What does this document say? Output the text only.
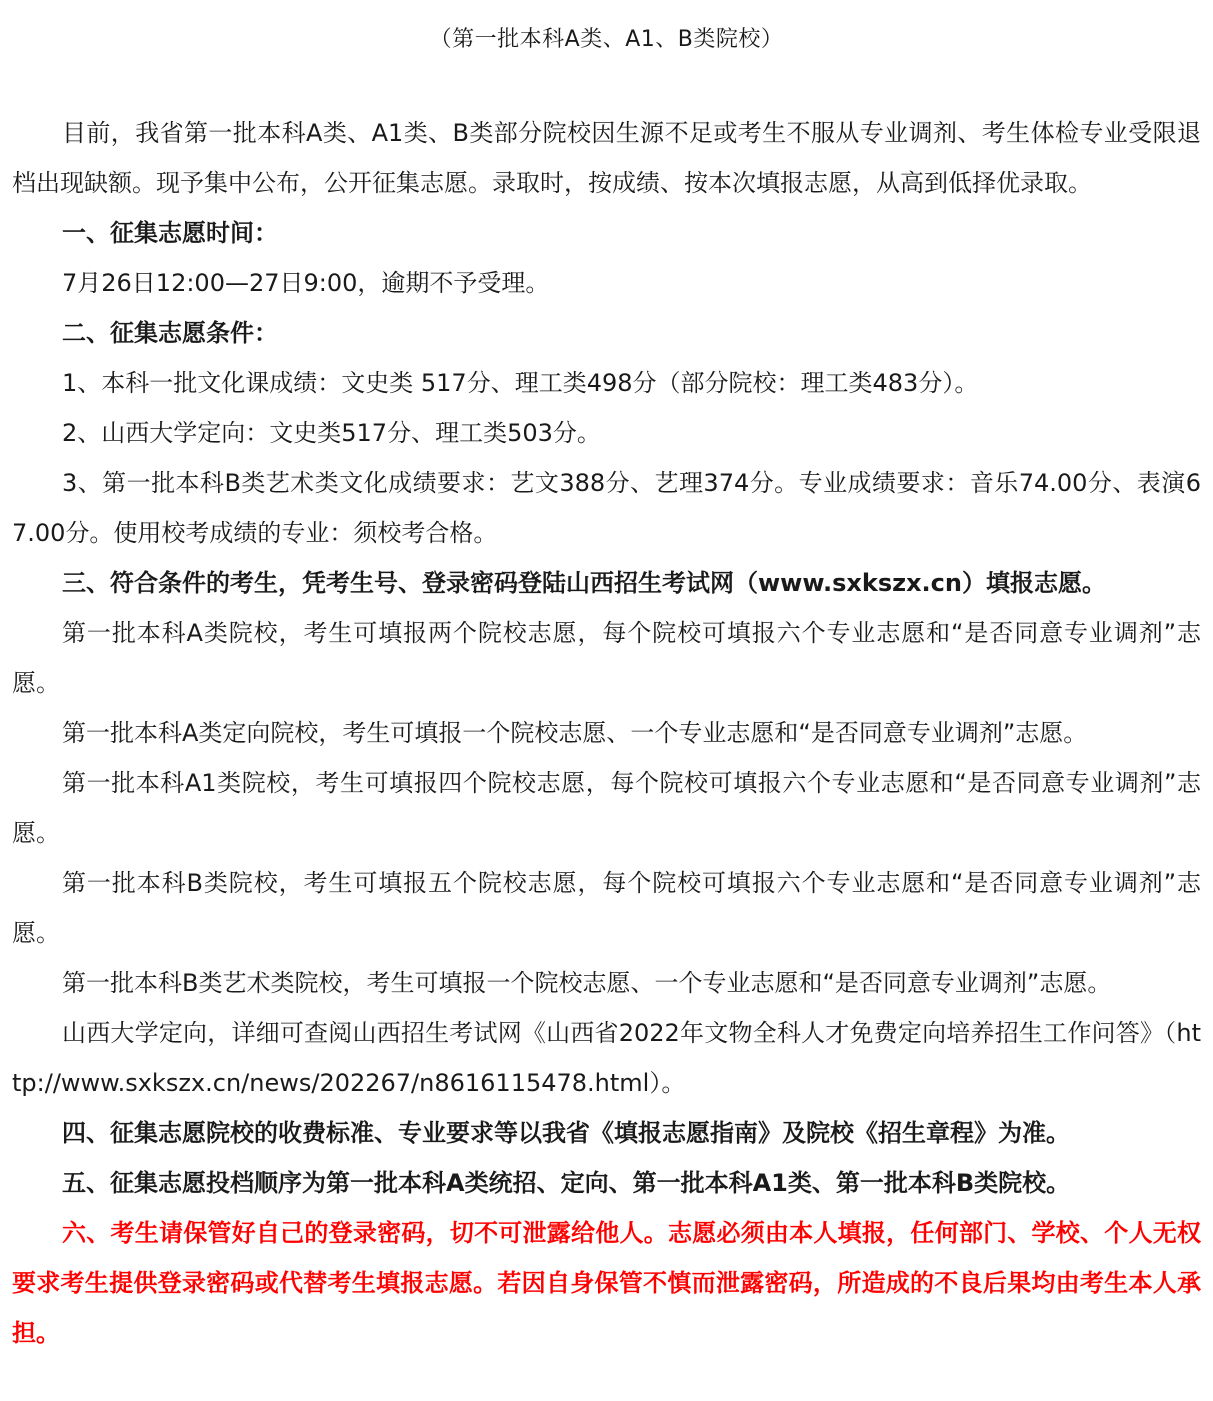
（第一批本科A类、A1、B类院校）

目前，我省第一批本科A类、A1类、B类部分院校因生源不足或考生不服从专业调剂、考生体检专业受限退档出现缺额。现予集中公布，公开征集志愿。录取时，按成绩、按本次填报志愿，从高到低择优录取。

一、征集志愿时间：

7月26日12:00—27日9:00，逾期不予受理。

二、征集志愿条件：

1、本科一批文化课成绩：文史类 517分、理工类498分（部分院校：理工类483分）。

2、山西大学定向：文史类517分、理工类503分。

3、第一批本科B类艺术类文化成绩要求：艺文388分、艺理374分。专业成绩要求：音乐74.00分、表演67.00分。使用校考成绩的专业：须校考合格。

三、符合条件的考生，凭考生号、登录密码登陆山西招生考试网（www.sxkszx.cn）填报志愿。

第一批本科A类院校，考生可填报两个院校志愿，每个院校可填报六个专业志愿和“是否同意专业调剂”志愿。

第一批本科A类定向院校，考生可填报一个院校志愿、一个专业志愿和“是否同意专业调剂”志愿。

第一批本科A1类院校，考生可填报四个院校志愿，每个院校可填报六个专业志愿和“是否同意专业调剂”志愿。

第一批本科B类院校，考生可填报五个院校志愿，每个院校可填报六个专业志愿和“是否同意专业调剂”志愿。

第一批本科B类艺术类院校，考生可填报一个院校志愿、一个专业志愿和“是否同意专业调剂”志愿。

山西大学定向，详细可查阅山西招生考试网《山西省2022年文物全科人才免费定向培养招生工作问答》（http://www.sxkszx.cn/news/202267/n8616115478.html）。

四、征集志愿院校的收费标准、专业要求等以我省《填报志愿指南》及院校《招生章程》为准。

五、征集志愿投档顺序为第一批本科A类统招、定向、第一批本科A1类、第一批本科B类院校。

六、考生请保管好自己的登录密码，切不可泄露给他人。志愿必须由本人填报，任何部门、学校、个人无权要求考生提供登录密码或代替考生填报志愿。若因自身保管不慎而泄露密码，所造成的不良后果均由考生本人承担。
